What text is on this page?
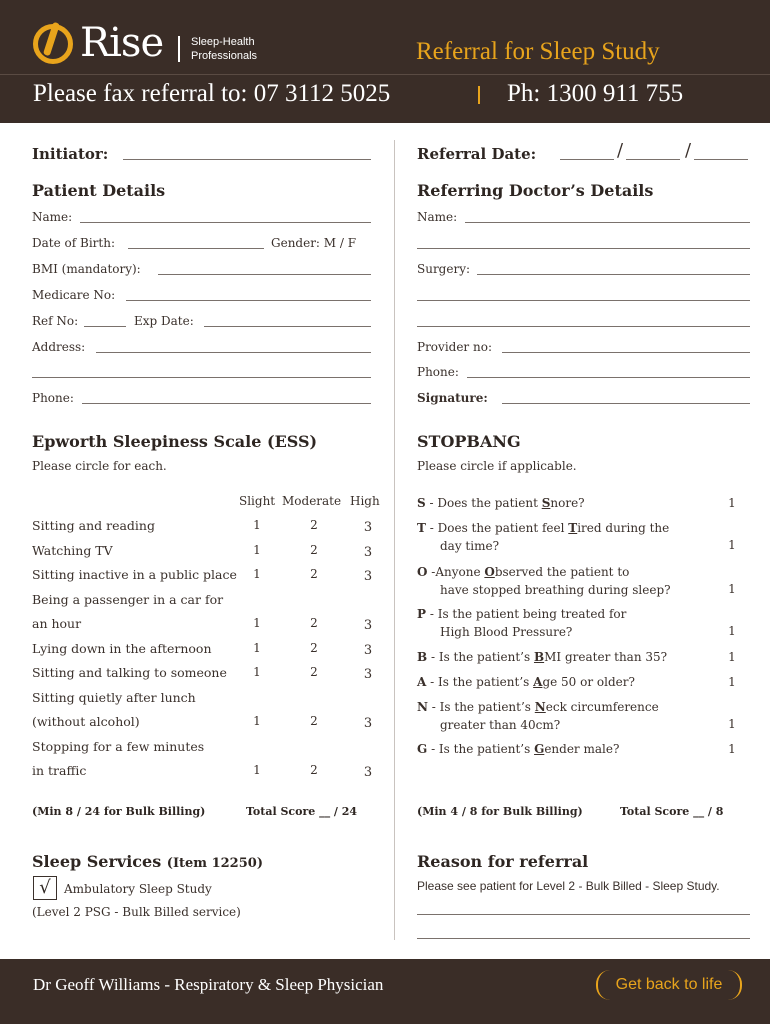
Rise	Sleep-Health
Professionals	Referral for Sleep Study
Please fax referral to: 07 3112 5025	Ph: 1300 911 755
Initiator:	Referral Date:	/	/
Patient Details
Name:
Date of Birth:	Gender: M / F
BMI (mandatory):
Medicare No:
Ref No:	Exp Date:
Address:
Phone:
Referring Doctor’s Details
Name:
Surgery:
Provider no:
Phone:
Signature:
Epworth Sleepiness Scale (ESS)
Please circle for each.
Slight Moderate High
Sitting and reading	1	2	3
Watching TV	1	2	3
Sitting inactive in a public place	1	2	3
Being a passenger in a car for
an hour	1	2	3
Lying down in the afternoon	1	2	3
Sitting and talking to someone	1	2	3
Sitting quietly after lunch
(without alcohol)	1	2	3
Stopping for a few minutes
in traffic	1	2	3
(Min 8 / 24 for Bulk Billing)	Total Score __ / 24
STOPBANG
Please circle if applicable.
S - Does the patient Snore?	1
T - Does the patient feel Tired during the
day time?	1
O -Anyone Observed the patient to
have stopped breathing during sleep?	1
P - Is the patient being treated for
High Blood Pressure?	1
B - Is the patient’s BMI greater than 35?	1
A - Is the patient’s Age 50 or older?	1
N - Is the patient’s Neck circumference
greater than 40cm?	1
G - Is the patient’s Gender male?	1
(Min 4 / 8 for Bulk Billing)	Total Score __ / 8
Sleep Services (Item 12250)
√	Ambulatory Sleep Study
(Level 2 PSG - Bulk Billed service)
Reason for referral
Please see patient for Level 2 - Bulk Billed - Sleep Study.
Dr Geoff Williams - Respiratory & Sleep Physician	Get back to life
